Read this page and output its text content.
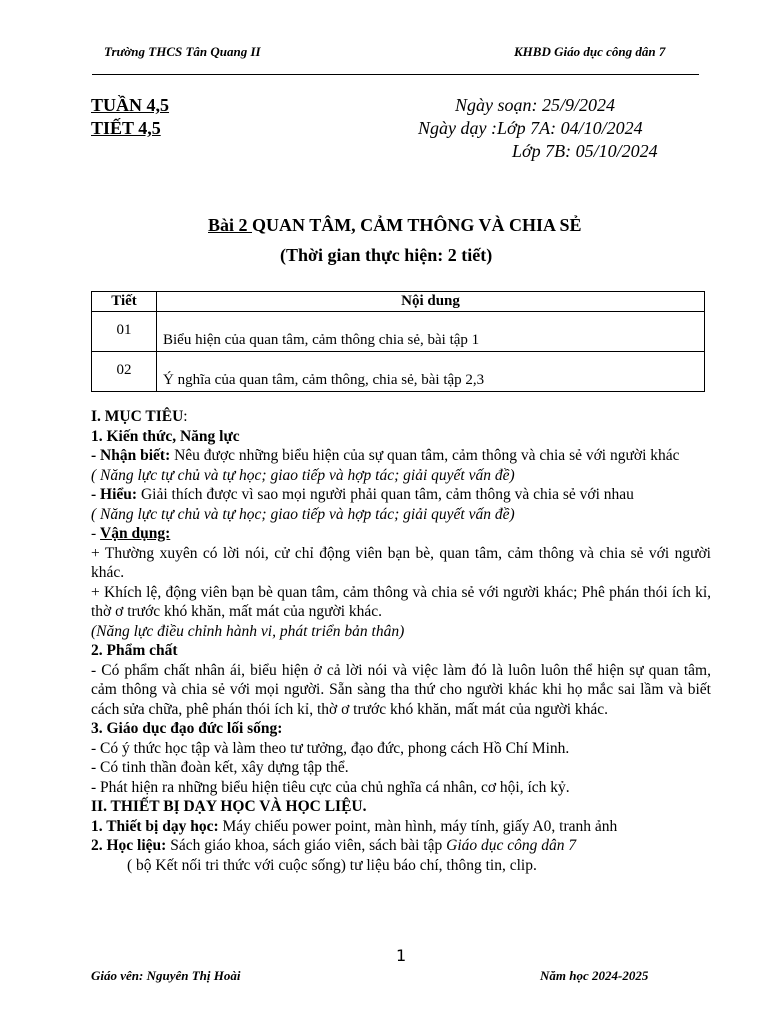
Trường THCS Tân Quang II	KHBD Giáo dục công dân 7
TUẦN 4,5
TIẾT 4,5
Ngày soạn: 25/9/2024
Ngày dạy :Lớp 7A: 04/10/2024
Lớp 7B: 05/10/2024
Bài 2 QUAN TÂM, CẢM THÔNG VÀ CHIA SẺ
(Thời gian thực hiện: 2 tiết)
Tiết	Nội dung
01	Biểu hiện của quan tâm, cảm thông chia sẻ, bài tập 1
02	Ý nghĩa của quan tâm, cảm thông, chia sẻ, bài tập 2,3

I. MỤC TIÊU:

1. Kiến thức, Năng lực

- Nhận biết: Nêu được những biểu hiện của sự quan tâm, cảm thông và chia sẻ với người khác

( Năng lực tự chủ và tự học; giao tiếp và hợp tác; giải quyết vấn đề)

- Hiểu: Giải thích được vì sao mọi người phải quan tâm, cảm thông và chia sẻ với nhau

( Năng lực tự chủ và tự học; giao tiếp và hợp tác; giải quyết vấn đề)

- Vận dụng:

+ Thường xuyên có lời nói, cử chỉ động viên bạn bè, quan tâm, cảm thông và chia sẻ với người khác.

+ Khích lệ, động viên bạn bè quan tâm, cảm thông và chia sẻ với người khác; Phê phán thói ích kỉ, thờ ơ trước khó khăn, mất mát của người khác.

(Năng lực điều chỉnh hành vi, phát triển bản thân)

2. Phẩm chất

- Có phẩm chất nhân ái, biểu hiện ở cả lời nói và việc làm đó là luôn luôn thể hiện sự quan tâm, cảm thông và chia sẻ với mọi người. Sẵn sàng tha thứ cho người khác khi họ mắc sai lầm và biết cách sửa chữa, phê phán thói ích kỉ, thờ ơ trước khó khăn, mất mát của người khác.

3. Giáo dục đạo đức lối sống:

- Có ý thức học tập và làm theo tư tưởng, đạo đức, phong cách Hồ Chí Minh.

- Có tinh thần đoàn kết, xây dựng tập thể.

- Phát hiện ra những biểu hiện tiêu cực của chủ nghĩa cá nhân, cơ hội, ích kỷ.

II. THIẾT BỊ DẠY HỌC VÀ HỌC LIỆU.

1. Thiết bị dạy học: Máy chiếu power point, màn hình, máy tính, giấy A0, tranh ảnh

2. Học liệu: Sách giáo khoa, sách giáo viên, sách bài tập Giáo dục công dân 7

( bộ Kết nối tri thức với cuộc sống) tư liệu báo chí, thông tin, clip.

1
Giáo vên: Nguyên Thị Hoài	Năm học 2024-2025
